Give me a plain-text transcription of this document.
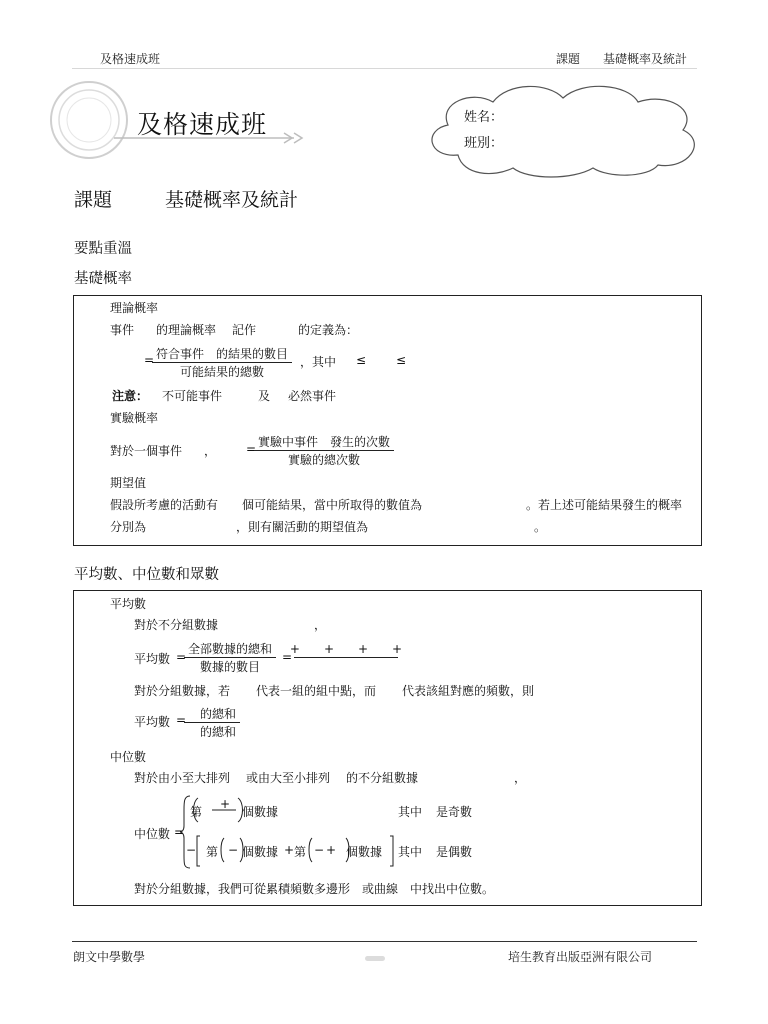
及格速成班	課題 基礎概率及統計
及格速成班	姓名：
班別：
課題	基礎概率及統計
要點重溫
基礎概率
理論概率
事件 的理論概率 記作	的定義為：
= 符合事件　的結果的數目
可能結果的總數
，其中 ≤ ≤
注意： 不可能事件	及 必然事件
實驗概率
對於一個事件 ， = 實驗中事件　發生的次數
實驗的總次數
期望值
假設所考慮的活動有 個可能結果，當中所取得的數值為	。若上述可能結果發生的概率
分別為	，則有關活動的期望值為	。
平均數、中位數和眾數
平均數
對於不分組數據	，
平均數 =
全部數據的總和
數據的數目
=
+　　+　　+　　+

對於分組數據，若 代表一組的組中點，而 代表該組對應的頻數，則
平均數 =	的總和
的總和
中位數
對於由小至大排列 或由大至小排列 的不分組數據	，
中位數 =
第
+
個數據	其中 是奇數
− 第 − 個數據 + 第 − + 個數據 其中 是偶數
對於分組數據，我們可從累積頻數多邊形　或曲線　中找出中位數。
朗文中學數學	培生教育出版亞洲有限公司
